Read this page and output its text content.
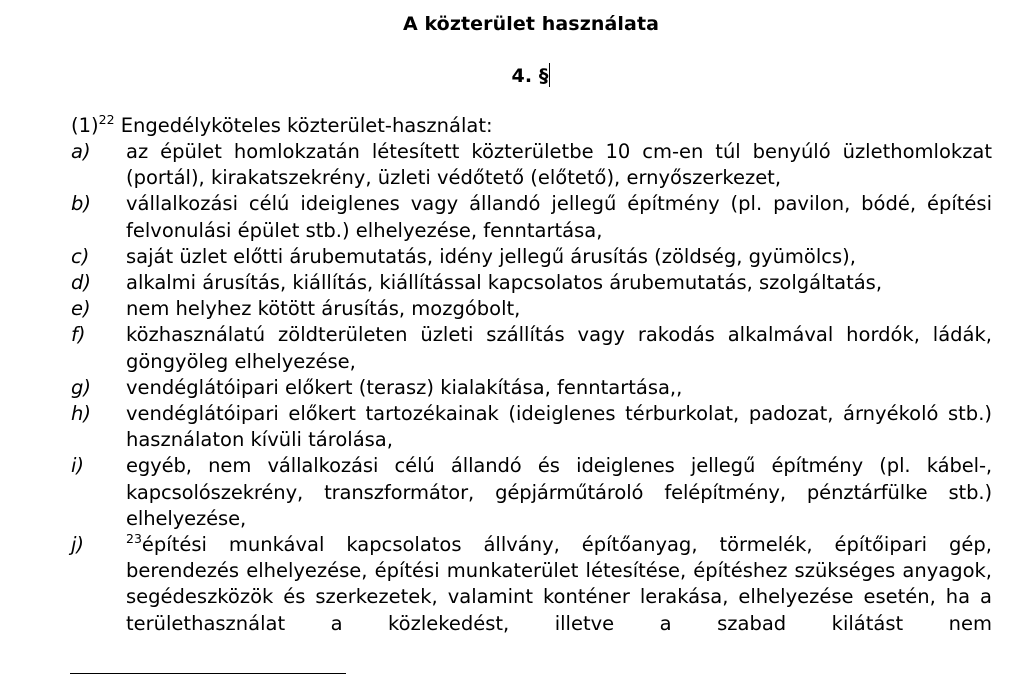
A közterület használata
4. §
$(1)^{22}$ Engedélyköteles közterület-használat:
a)	az épület homlokzatán létesített közterületbe 10 cm-en túl benyúló üzlethomlokzat (portál), kirakatszekrény, üzleti védőtető (előtető), ernyőszerkezet,
b)	vállalkozási célú ideiglenes vagy állandó jellegű építmény (pl. pavilon, bódé, építési felvonulási épület stb.) elhelyezése, fenntartása,
c)	saját üzlet előtti árubemutatás, idény jellegű árusítás (zöldség, gyümölcs),
d)	alkalmi árusítás, kiállítás, kiállítással kapcsolatos árubemutatás, szolgáltatás,
e)	nem helyhez kötött árusítás, mozgóbolt,
f)	közhasználatú zöldterületen üzleti szállítás vagy rakodás alkalmával hordók, ládák, göngyöleg elhelyezése,
g)	vendéglátóipari előkert (terasz) kialakítása, fenntartása,,
h)	vendéglátóipari előkert tartozékainak (ideiglenes térburkolat, padozat, árnyékoló stb.) használaton kívüli tárolása,
i)	egyéb, nem vállalkozási célú állandó és ideiglenes jellegű építmény (pl. kábel-, kapcsolószekrény, transzformátor, gépjárműtároló felépítmény, pénztárfülke stb.) elhelyezése,
j)	$^{23}$építési munkával kapcsolatos állvány, építőanyag, törmelék, építőipari gép, berendezés elhelyezése, építési munkaterület létesítése, építéshez szükséges anyagok, segédeszközök és szerkezetek, valamint konténer lerakása, elhelyezése esetén, ha a területhasználat a közlekedést, illetve a szabad kilátást nem
